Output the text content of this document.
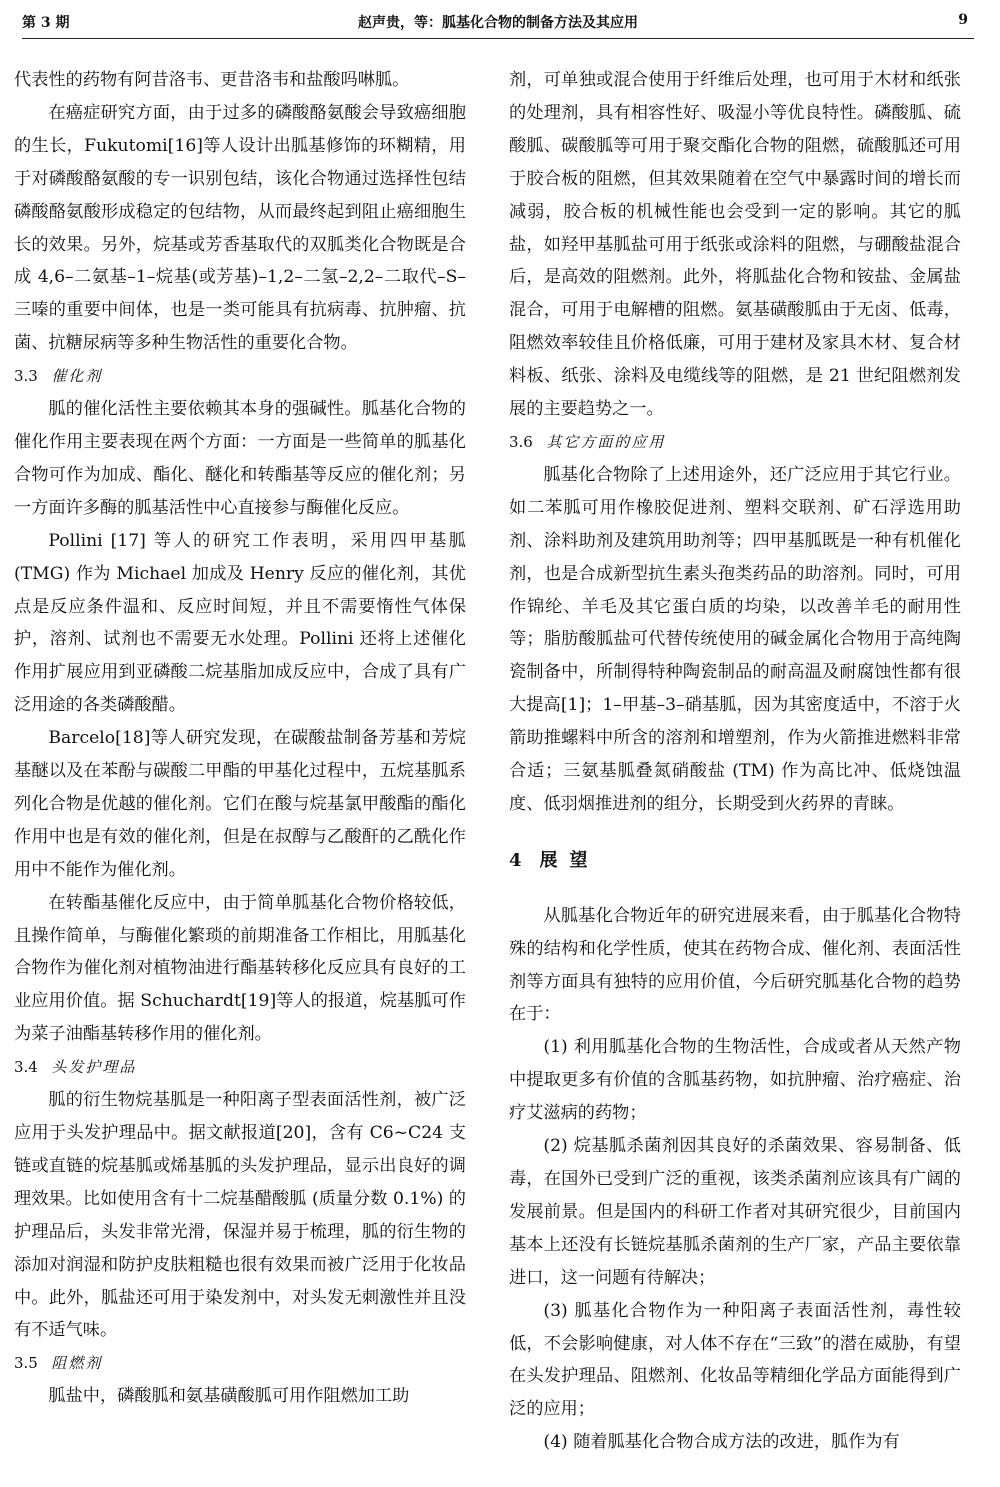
第 3 期	赵声贵，等：胍基化合物的制备方法及其应用	9

代表性的药物有阿昔洛韦、更昔洛韦和盐酸吗啉胍。

在癌症研究方面，由于过多的磷酸酪氨酸会导致癌细胞的生长，Fukutomi[16]等人设计出胍基修饰的环糊精，用于对磷酸酪氨酸的专一识别包结，该化合物通过选择性包结磷酸酪氨酸形成稳定的包结物，从而最终起到阻止癌细胞生长的效果。另外，烷基或芳香基取代的双胍类化合物既是合成 4,6–二氨基–1–烷基(或芳基)–1,2–二氢–2,2–二取代–S–三嗪的重要中间体，也是一类可能具有抗病毒、抗肿瘤、抗菌、抗糖尿病等多种生物活性的重要化合物。

3.3 催化剂

胍的催化活性主要依赖其本身的强碱性。胍基化合物的催化作用主要表现在两个方面：一方面是一些简单的胍基化合物可作为加成、酯化、醚化和转酯基等反应的催化剂；另一方面许多酶的胍基活性中心直接参与酶催化反应。

Pollini [17] 等人的研究工作表明，采用四甲基胍(TMG) 作为 Michael 加成及 Henry 反应的催化剂，其优点是反应条件温和、反应时间短，并且不需要惰性气体保护，溶剂、试剂也不需要无水处理。Pollini 还将上述催化作用扩展应用到亚磷酸二烷基脂加成反应中，合成了具有广泛用途的各类磷酸醋。

Barcelo[18]等人研究发现，在碳酸盐制备芳基和芳烷基醚以及在苯酚与碳酸二甲酯的甲基化过程中，五烷基胍系列化合物是优越的催化剂。它们在酸与烷基氯甲酸酯的酯化作用中也是有效的催化剂，但是在叔醇与乙酸酐的乙酰化作用中不能作为催化剂。

在转酯基催化反应中，由于简单胍基化合物价格较低，且操作简单，与酶催化繁琐的前期准备工作相比，用胍基化合物作为催化剂对植物油进行酯基转移化反应具有良好的工业应用价值。据 Schuchardt[19]等人的报道，烷基胍可作为菜子油酯基转移作用的催化剂。

3.4 头发护理品

胍的衍生物烷基胍是一种阳离子型表面活性剂，被广泛应用于头发护理品中。据文献报道[20]，含有 C6~C24 支链或直链的烷基胍或烯基胍的头发护理品，显示出良好的调理效果。比如使用含有十二烷基醋酸胍 (质量分数 0.1%) 的护理品后，头发非常光滑，保湿并易于梳理，胍的衍生物的添加对润湿和防护皮肤粗糙也很有效果而被广泛用于化妆品中。此外，胍盐还可用于染发剂中，对头发无刺激性并且没有不适气味。

3.5 阻燃剂

胍盐中，磷酸胍和氨基磺酸胍可用作阻燃加工助

剂，可单独或混合使用于纤维后处理，也可用于木材和纸张的处理剂，具有相容性好、吸湿小等优良特性。磷酸胍、硫酸胍、碳酸胍等可用于聚交酯化合物的阻燃，硫酸胍还可用于胶合板的阻燃，但其效果随着在空气中暴露时间的增长而减弱，胶合板的机械性能也会受到一定的影响。其它的胍盐，如羟甲基胍盐可用于纸张或涂料的阻燃，与硼酸盐混合后，是高效的阻燃剂。此外，将胍盐化合物和铵盐、金属盐混合，可用于电解槽的阻燃。氨基磺酸胍由于无卤、低毒，阻燃效率较佳且价格低廉，可用于建材及家具木材、复合材料板、纸张、涂料及电缆线等的阻燃，是 21 世纪阻燃剂发展的主要趋势之一。

3.6 其它方面的应用

胍基化合物除了上述用途外，还广泛应用于其它行业。如二苯胍可用作橡胶促进剂、塑料交联剂、矿石浮选用助剂、涂料助剂及建筑用助剂等；四甲基胍既是一种有机催化剂，也是合成新型抗生素头孢类药品的助溶剂。同时，可用作锦纶、羊毛及其它蛋白质的均染，以改善羊毛的耐用性等；脂肪酸胍盐可代替传统使用的碱金属化合物用于高纯陶瓷制备中，所制得特种陶瓷制品的耐高温及耐腐蚀性都有很大提高[1]；1–甲基–3–硝基胍，因为其密度适中，不溶于火箭助推螺料中所含的溶剂和增塑剂，作为火箭推进燃料非常合适；三氨基胍叠氮硝酸盐 (TM) 作为高比冲、低烧蚀温度、低羽烟推进剂的组分，长期受到火药界的青睐。

4 展望

从胍基化合物近年的研究进展来看，由于胍基化合物特殊的结构和化学性质，使其在药物合成、催化剂、表面活性剂等方面具有独特的应用价值，今后研究胍基化合物的趋势在于：

(1) 利用胍基化合物的生物活性，合成或者从天然产物中提取更多有价值的含胍基药物，如抗肿瘤、治疗癌症、治疗艾滋病的药物；

(2) 烷基胍杀菌剂因其良好的杀菌效果、容易制备、低毒，在国外已受到广泛的重视，该类杀菌剂应该具有广阔的发展前景。但是国内的科研工作者对其研究很少，目前国内基本上还没有长链烷基胍杀菌剂的生产厂家，产品主要依靠进口，这一问题有待解决；

(3) 胍基化合物作为一种阳离子表面活性剂，毒性较低，不会影响健康，对人体不存在“三致”的潜在威胁，有望在头发护理品、阻燃剂、化妆品等精细化学品方面能得到广泛的应用；

(4) 随着胍基化合物合成方法的改进，胍作为有
